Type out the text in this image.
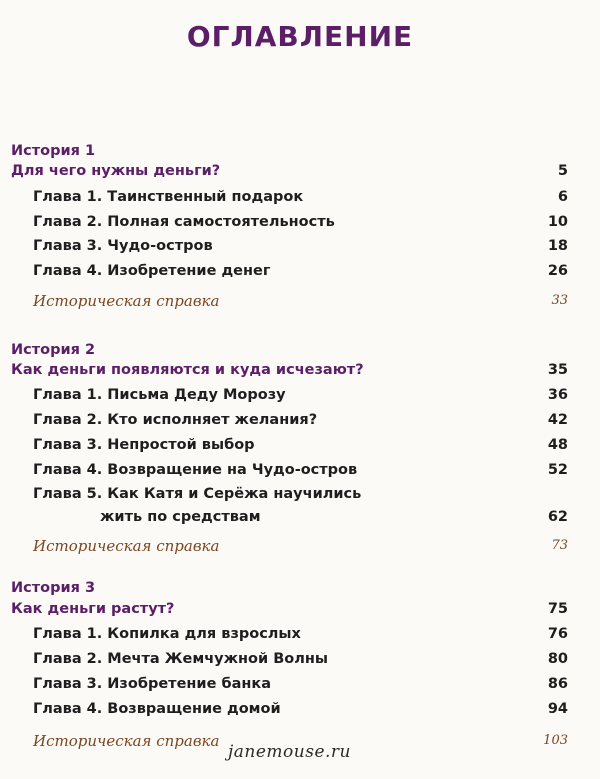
ОГЛАВЛЕНИЕ
История 1
Для чего нужны деньги?	5
Глава 1. Таинственный подарок	6
Глава 2. Полная самостоятельность	10
Глава 3. Чудо-остров	18
Глава 4. Изобретение денег	26
Историческая справка	33
История 2
Как деньги появляются и куда исчезают?	35
Глава 1. Письма Деду Морозу	36
Глава 2. Кто исполняет желания?	42
Глава 3. Непростой выбор	48
Глава 4. Возвращение на Чудо-остров	52
Глава 5. Как Катя и Серёжа научились
жить по средствам	62
Историческая справка	73
История 3
Как деньги растут?	75
Глава 1. Копилка для взрослых	76
Глава 2. Мечта Жемчужной Волны	80
Глава 3. Изобретение банка	86
Глава 4. Возвращение домой	94
Историческая справка	103
janemouse.ru
